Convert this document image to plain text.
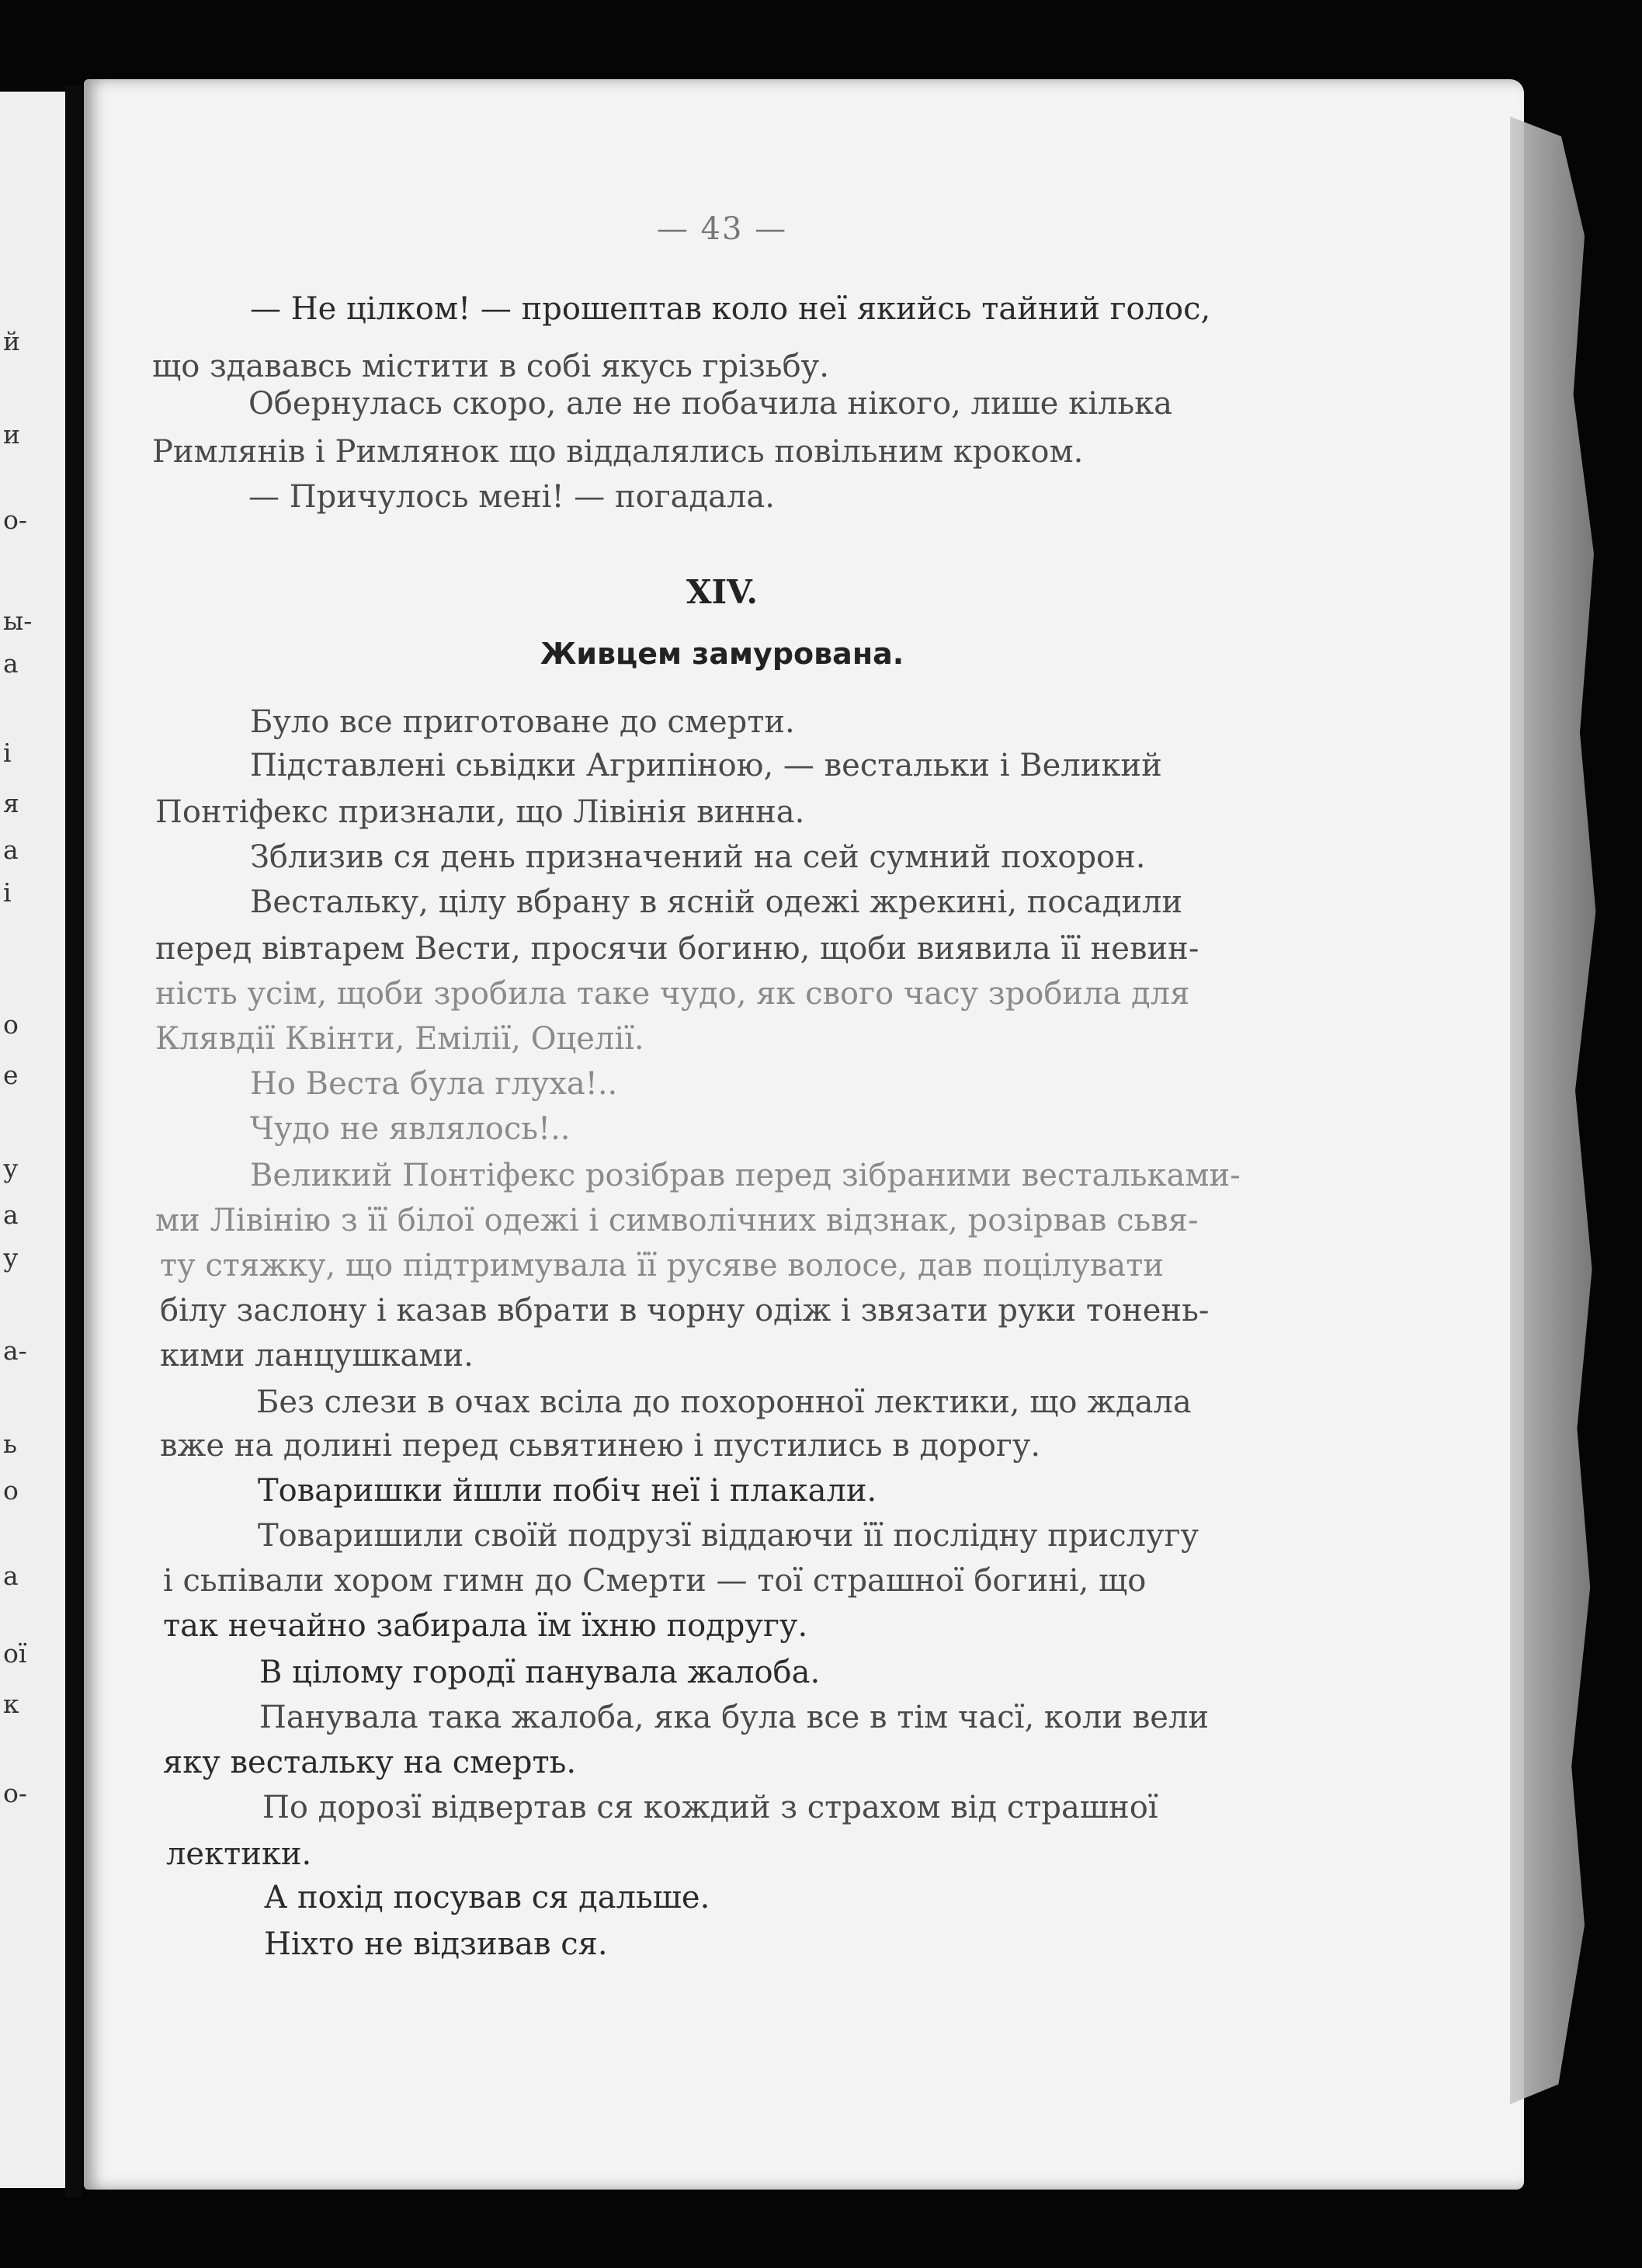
— 43 —
— Не цілком! — прошептав коло неї якийсь тайний голос,
що здававсь містити в собі якусь грізьбу.
Обернулась скоро, але не побачила нікого, лише кілька
Римлянів і Римлянок що віддалялись повільним кроком.
— Причулось мені! — погадала.
XIV.
Живцем замурована.
Було все приготоване до смерти.
Підставлені сьвідки Агрипіною, — вестальки і Великий
Понтіфекс признали, що Лівінія винна.
Зблизив ся день призначений на сей сумний похорон.
Вестальку, цілу вбрану в ясній одежі жрекині, посадили
перед вівтарем Вести, просячи богиню, щоби виявила її невин-
ність усім, щоби зробила таке чудо, як свого часу зробила для
Клявдії Квінти, Емілії, Оцелії.
Но Веста була глуха!..
Чудо не являлось!..
Великий Понтіфекс розібрав перед зібраними вестальками-
ми Лівінію з її білої одежі і символічних відзнак, розірвав сьвя-
ту стяжку, що підтримувала її русяве волосе, дав поцілувати
білу заслону і казав вбрати в чорну одіж і звязати руки тонень-
кими ланцушками.
Без слези в очах всіла до похоронної лектики, що ждала
вже на долині перед сьвятинею і пустились в дорогу.
Товаришки йшли побіч неї і плакали.
Товаришили своїй подрузї віддаючи її послідну прислугу
і сьпівали хором гимн до Смерти — тої страшної богині, що
так нечайно забирала їм їхню подругу.
В цілому городї панувала жалоба.
Панувала така жалоба, яка була все в тім часї, коли вели
яку вестальку на смерть.
По дорозї відвертав ся кождий з страхом від страшної
лектики.
А похід посував ся дальше.
Ніхто не відзивав ся.
й
и
о-
ы-
а
і
я
а
і
о
е
у
а
у
а-
ь
о
а
ої
к
о-
